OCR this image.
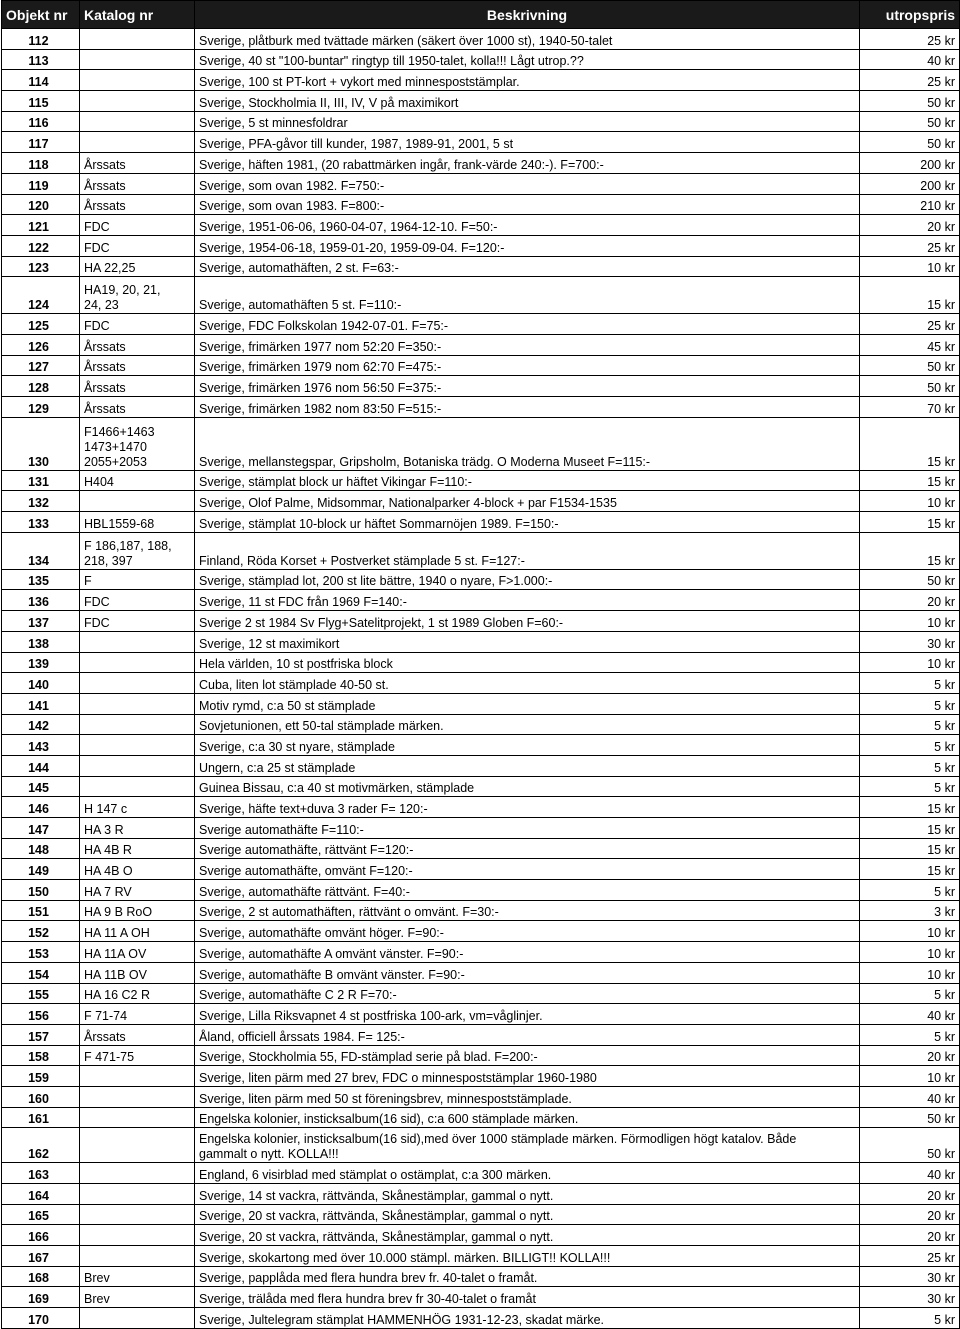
Objekt nr	Katalog nr	Beskrivning	utropspris
112		Sverige, plåtburk med tvättade märken (säkert över 1000 st), 1940-50-talet	25 kr
113		Sverige, 40 st "100-buntar" ringtyp till 1950-talet, kolla!!! Lågt utrop.??	40 kr
114		Sverige, 100 st PT-kort + vykort med minnespoststämplar.	25 kr
115		Sverige, Stockholmia II, III, IV, V på maximikort	50 kr
116		Sverige, 5 st minnesfoldrar	50 kr
117		Sverige, PFA-gåvor till kunder, 1987, 1989-91, 2001, 5 st	50 kr
118	Årssats	Sverige, häften 1981, (20 rabattmärken ingår, frank-värde 240:-). F=700:-	200 kr
119	Årssats	Sverige, som ovan 1982. F=750:-	200 kr
120	Årssats	Sverige, som ovan 1983. F=800:-	210 kr
121	FDC	Sverige, 1951-06-06, 1960-04-07, 1964-12-10. F=50:-	20 kr
122	FDC	Sverige, 1954-06-18, 1959-01-20, 1959-09-04. F=120:-	25 kr
123	HA 22,25	Sverige, automathäften, 2 st. F=63:-	10 kr
124	HA19, 20, 21,
24, 23	Sverige, automathäften 5 st. F=110:-	15 kr
125	FDC	Sverige, FDC Folkskolan 1942-07-01. F=75:-	25 kr
126	Årssats	Sverige, frimärken 1977 nom 52:20 F=350:-	45 kr
127	Årssats	Sverige, frimärken 1979 nom 62:70 F=475:-	50 kr
128	Årssats	Sverige, frimärken 1976 nom 56:50 F=375:-	50 kr
129	Årssats	Sverige, frimärken 1982 nom 83:50 F=515:-	70 kr
130	F1466+1463
1473+1470
2055+2053	Sverige, mellanstegspar, Gripsholm, Botaniska trädg. O Moderna Museet F=115:-	15 kr
131	H404	Sverige, stämplat block ur häftet Vikingar F=110:-	15 kr
132		Sverige, Olof Palme, Midsommar, Nationalparker 4-block + par F1534-1535	10 kr
133	HBL1559-68	Sverige, stämplat 10-block ur häftet Sommarnöjen 1989. F=150:-	15 kr
134	F 186,187, 188,
218, 397	Finland, Röda Korset + Postverket stämplade 5 st. F=127:-	15 kr
135	F	Sverige, stämplad lot, 200 st lite bättre, 1940 o nyare, F>1.000:-	50 kr
136	FDC	Sverige, 11 st FDC från 1969 F=140:-	20 kr
137	FDC	Sverige 2 st 1984 Sv Flyg+Satelitprojekt, 1 st 1989 Globen F=60:-	10 kr
138		Sverige, 12 st maximikort	30 kr
139		Hela världen, 10 st postfriska block	10 kr
140		Cuba, liten lot stämplade 40-50 st.	5 kr
141		Motiv rymd, c:a 50 st stämplade	5 kr
142		Sovjetunionen, ett 50-tal stämplade märken.	5 kr
143		Sverige, c:a 30 st nyare, stämplade	5 kr
144		Ungern, c:a 25 st stämplade	5 kr
145		Guinea Bissau, c:a 40 st motivmärken, stämplade	5 kr
146	H 147 c	Sverige, häfte text+duva 3 rader F= 120:-	15 kr
147	HA 3 R	Sverige automathäfte F=110:-	15 kr
148	HA 4B R	Sverige automathäfte, rättvänt F=120:-	15 kr
149	HA 4B O	Sverige automathäfte, omvänt F=120:-	15 kr
150	HA 7 RV	Sverige, automathäfte rättvänt. F=40:-	5 kr
151	HA 9 B RoO	Sverige, 2 st automathäften, rättvänt o omvänt. F=30:-	3 kr
152	HA 11 A OH	Sverige, automathäfte omvänt höger. F=90:-	10 kr
153	HA 11A OV	Sverige, automathäfte A omvänt vänster. F=90:-	10 kr
154	HA 11B OV	Sverige, automathäfte B omvänt vänster. F=90:-	10 kr
155	HA 16 C2 R	Sverige, automathäfte C 2 R F=70:-	5 kr
156	F 71-74	Sverige, Lilla Riksvapnet 4 st postfriska 100-ark, vm=våglinjer.	40 kr
157	Årssats	Åland, officiell årssats 1984. F= 125:-	5 kr
158	F 471-75	Sverige, Stockholmia 55, FD-stämplad serie på blad. F=200:-	20 kr
159		Sverige, liten pärm med 27 brev, FDC o minnespoststämplar 1960-1980	10 kr
160		Sverige, liten pärm med 50 st föreningsbrev, minnespoststämplade.	40 kr
161		Engelska kolonier, insticksalbum(16 sid), c:a 600 stämplade märken.	50 kr
162		Engelska kolonier, insticksalbum(16 sid),med över 1000 stämplade märken. Förmodligen högt katalov. Både
gammalt o nytt. KOLLA!!!	50 kr
163		England, 6 visirblad med stämplat o ostämplat, c:a 300 märken.	40 kr
164		Sverige, 14 st vackra, rättvända, Skånestämplar, gammal o nytt.	20 kr
165		Sverige, 20 st vackra, rättvända, Skånestämplar, gammal o nytt.	20 kr
166		Sverige, 20 st vackra, rättvända, Skånestämplar, gammal o nytt.	20 kr
167		Sverige, skokartong med över 10.000 stämpl. märken. BILLIGT!! KOLLA!!!	25 kr
168	Brev	Sverige, papplåda med flera hundra brev fr. 40-talet o framåt.	30 kr
169	Brev	Sverige, trälåda med flera hundra brev fr 30-40-talet o framåt	30 kr
170		Sverige, Jultelegram stämplat HAMMENHÖG 1931-12-23, skadat märke.	5 kr
